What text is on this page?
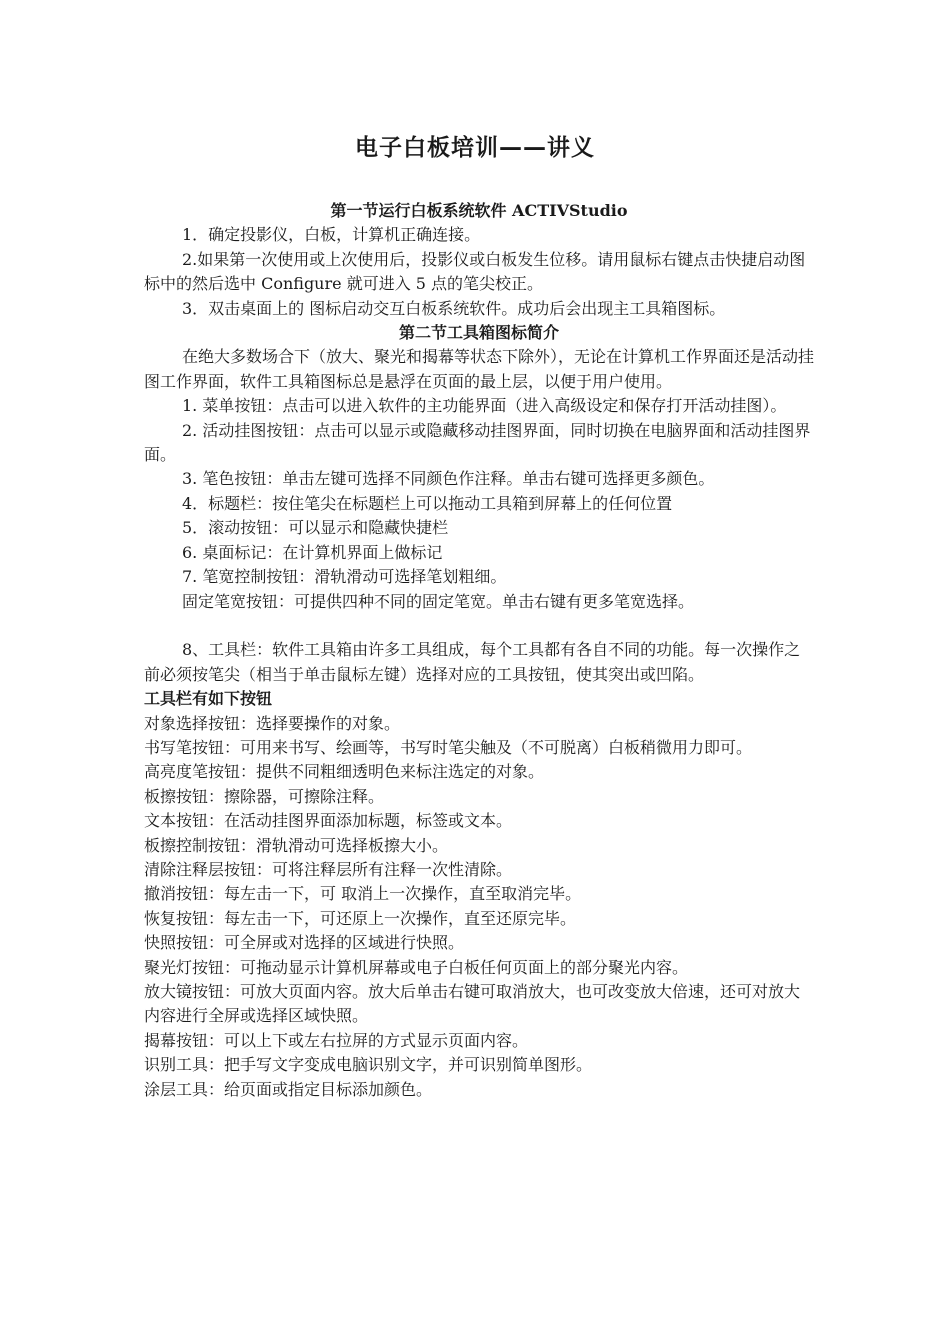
电子白板培训——讲义

第一节运行白板系统软件 ACTIVStudio

1．确定投影仪，白板，计算机正确连接。

2.如果第一次使用或上次使用后，投影仪或白板发生位移。请用鼠标右键点击快捷启动图标中的然后选中 Configure 就可进入 5 点的笔尖校正。

3．双击桌面上的 图标启动交互白板系统软件。成功后会出现主工具箱图标。

第二节工具箱图标简介

在绝大多数场合下（放大、聚光和揭幕等状态下除外），无论在计算机工作界面还是活动挂图工作界面，软件工具箱图标总是悬浮在页面的最上层，以便于用户使用。

1. 菜单按钮：点击可以进入软件的主功能界面（进入高级设定和保存打开活动挂图）。

2. 活动挂图按钮：点击可以显示或隐藏移动挂图界面，同时切换在电脑界面和活动挂图界面。

3. 笔色按钮：单击左键可选择不同颜色作注释。单击右键可选择更多颜色。

4．标题栏：按住笔尖在标题栏上可以拖动工具箱到屏幕上的任何位置

5．滚动按钮：可以显示和隐藏快捷栏

6. 桌面标记：在计算机界面上做标记

7. 笔宽控制按钮：滑轨滑动可选择笔划粗细。

固定笔宽按钮：可提供四种不同的固定笔宽。单击右键有更多笔宽选择。

8、工具栏：软件工具箱由许多工具组成，每个工具都有各自不同的功能。每一次操作之前必须按笔尖（相当于单击鼠标左键）选择对应的工具按钮，使其突出或凹陷。

工具栏有如下按钮

对象选择按钮：选择要操作的对象。

书写笔按钮：可用来书写、绘画等，书写时笔尖触及（不可脱离）白板稍微用力即可。

高亮度笔按钮：提供不同粗细透明色来标注选定的对象。

板擦按钮：擦除器，可擦除注释。

文本按钮：在活动挂图界面添加标题，标签或文本。

板擦控制按钮：滑轨滑动可选择板擦大小。

清除注释层按钮：可将注释层所有注释一次性清除。

撤消按钮：每左击一下，可 取消上一次操作，直至取消完毕。

恢复按钮：每左击一下，可还原上一次操作，直至还原完毕。

快照按钮：可全屏或对选择的区域进行快照。

聚光灯按钮：可拖动显示计算机屏幕或电子白板任何页面上的部分聚光内容。

放大镜按钮：可放大页面内容。放大后单击右键可取消放大，也可改变放大倍速，还可对放大内容进行全屏或选择区域快照。

揭幕按钮：可以上下或左右拉屏的方式显示页面内容。

识别工具：把手写文字变成电脑识别文字，并可识别简单图形。

涂层工具：给页面或指定目标添加颜色。
